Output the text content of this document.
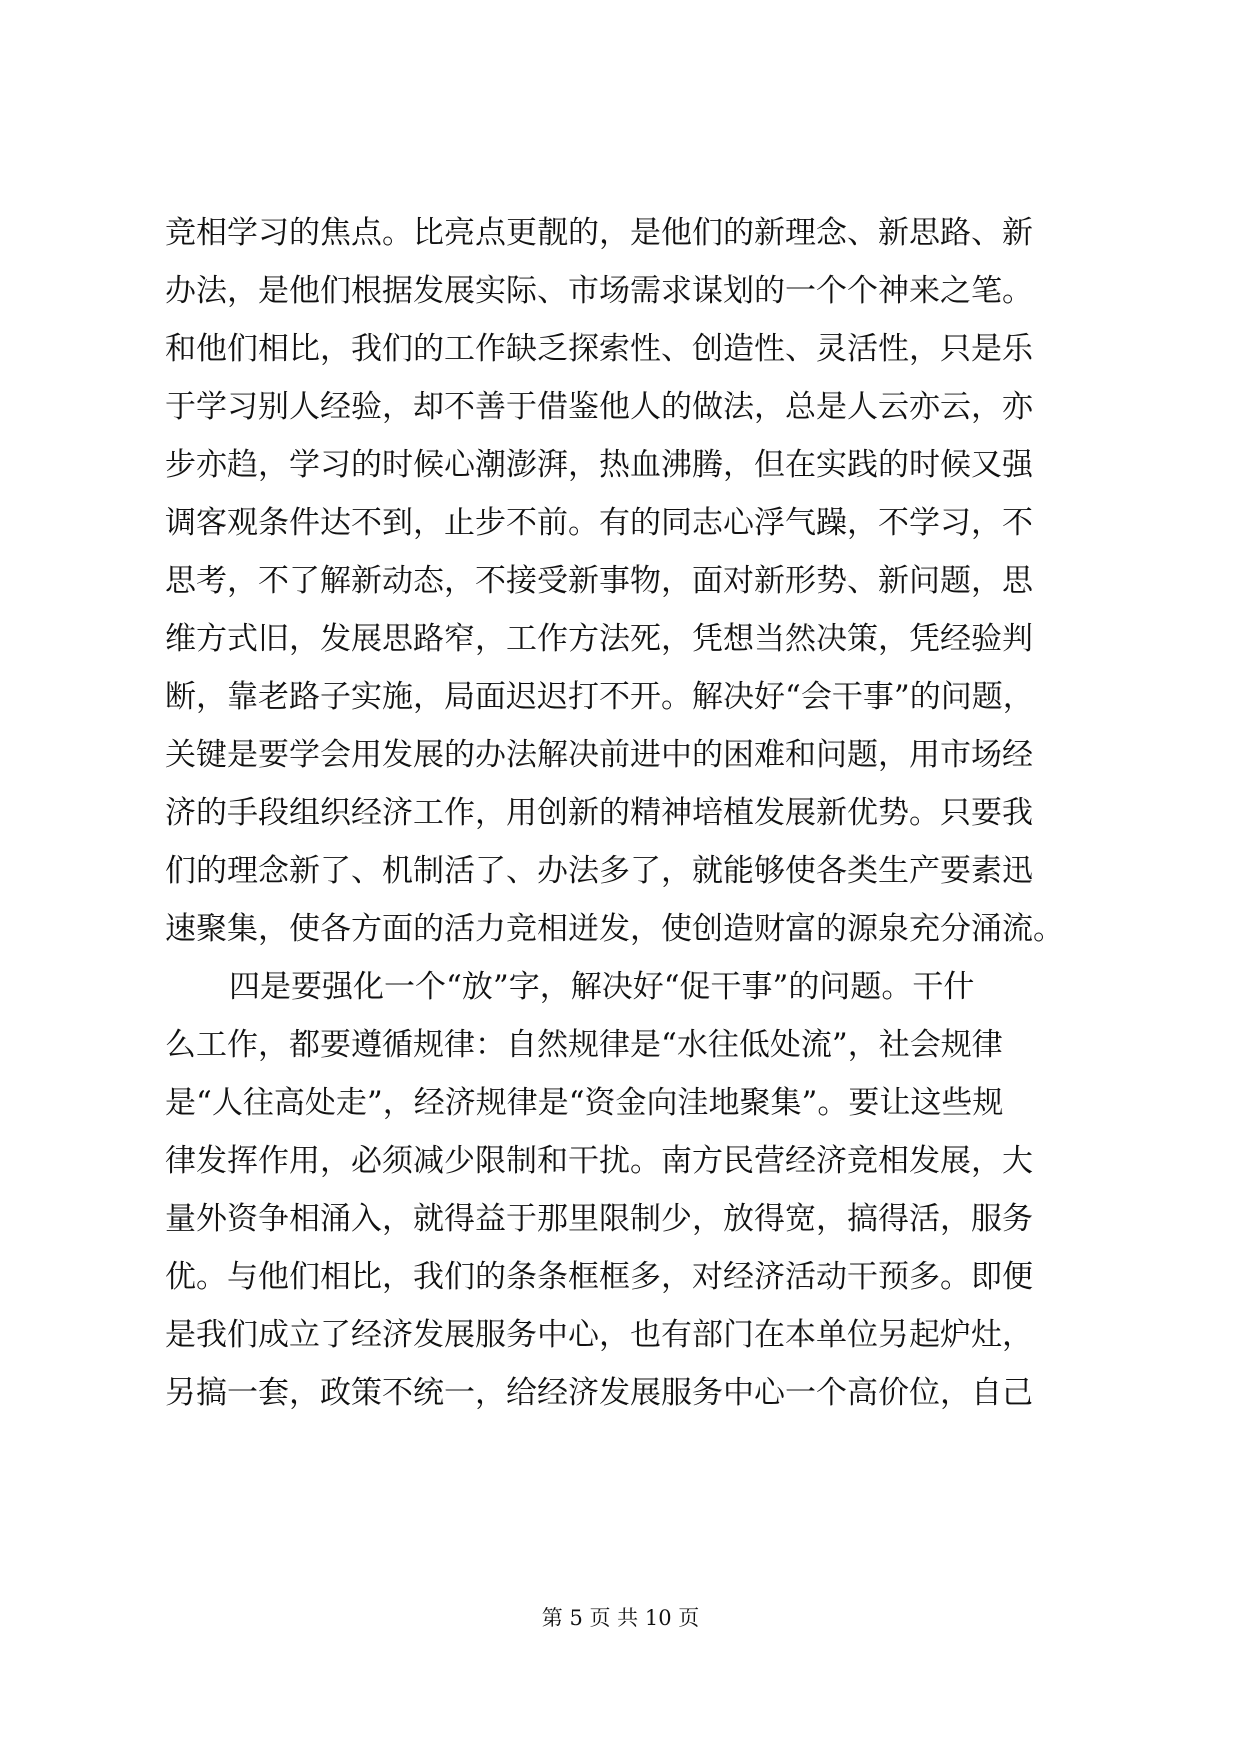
竞相学习的焦点。比亮点更靓的，是他们的新理念、新思路、新
办法，是他们根据发展实际、市场需求谋划的一个个神来之笔。
和他们相比，我们的工作缺乏探索性、创造性、灵活性，只是乐
于学习别人经验，却不善于借鉴他人的做法，总是人云亦云，亦
步亦趋，学习的时候心潮澎湃，热血沸腾，但在实践的时候又强
调客观条件达不到，止步不前。有的同志心浮气躁，不学习，不
思考，不了解新动态，不接受新事物，面对新形势、新问题，思
维方式旧，发展思路窄，工作方法死，凭想当然决策，凭经验判
断，靠老路子实施，局面迟迟打不开。解决好“会干事”的问题，
关键是要学会用发展的办法解决前进中的困难和问题，用市场经
济的手段组织经济工作，用创新的精神培植发展新优势。只要我
们的理念新了、机制活了、办法多了，就能够使各类生产要素迅
速聚集，使各方面的活力竞相迸发，使创造财富的源泉充分涌流。
四是要强化一个“放”字，解决好“促干事”的问题。干什
么工作，都要遵循规律：自然规律是“水往低处流”，社会规律
是“人往高处走”，经济规律是“资金向洼地聚集”。要让这些规
律发挥作用，必须减少限制和干扰。南方民营经济竞相发展，大
量外资争相涌入，就得益于那里限制少，放得宽，搞得活，服务
优。与他们相比，我们的条条框框多，对经济活动干预多。即便
是我们成立了经济发展服务中心，也有部门在本单位另起炉灶，
另搞一套，政策不统一，给经济发展服务中心一个高价位，自己
第 5 页 共 10 页
